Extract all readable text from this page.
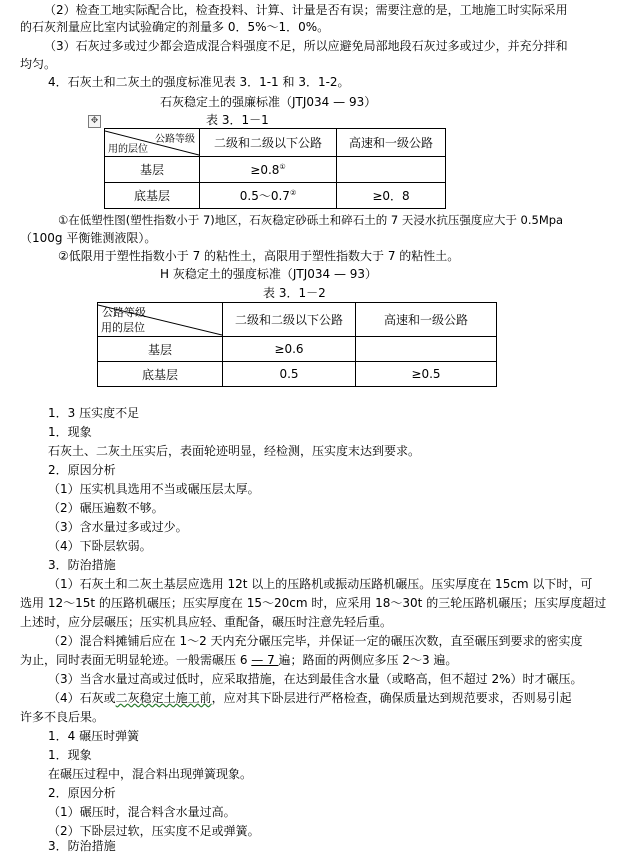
（2）检查工地实际配合比，检查投料、计算、计量是否有误；需要注意的是，工地施工时实际采用
的石灰剂量应比室内试验确定的剂量多 0．5%～1．0%。
（3）石灰过多或过少都会造成混合料强度不足，所以应避免局部地段石灰过多或过少，并充分拌和
均匀。
4．石灰土和二灰土的强度标准见表 3．1-1 和 3．1-2。
石灰稳定土的强廉标准（JTJ034 — 93）
表 3．1－1
✥
公路等级
用的层位	二级和二级以下公路	高速和一级公路
基层	≥0.8①	
底基层	0.5～0.7②	≥0．8
①在低塑性图(塑性指数小于 7)地区，石灰稳定砂砾土和碎石土的 7 天浸水抗压强度应大于 0.5Mpa
（100g 平衡锥测液限）。
②低限用于塑性指数小于 7 的粘性土，高限用于塑性指数大于 7 的粘性土。
H 灰稳定土的强度标准（JTJ034 — 93）
表 3．1－2
公路等级
用的层位	二级和二级以下公路	高速和一级公路
基层	≥0.6	
底基层	0.5	≥0.5
1．3 压实度不足
1．现象
石灰土、二灰土压实后，表面轮迹明显，经检测，压实度末达到要求。
2．原因分析
（1）压实机具选用不当或碾压层太厚。
（2）碾压遍数不够。
（3）含水量过多或过少。
（4）下卧层软弱。
3．防治措施
（1）石灰土和二灰土基层应选用 12t 以上的压路机或振动压路机碾压。压实厚度在 15cm 以下时，可
选用 12～15t 的压路机碾压；压实厚度在 15～20cm 时，应采用 18～30t 的三轮压路机碾压；压实厚度超过
上述时，应分层碾压；压实机具应轻、重配备，碾压时注意先轻后重。
（2）混合料摊铺后应在 1～2 天内充分碾压完毕，并保证一定的碾压次数，直至碾压到要求的密实度
为止，同时表面无明显轮迹。一般需碾压 6 — 7 遍；路面的两侧应多压 2～3 遍。
（3）当含水量过高或过低时，应采取措施，在达到最佳含水量（或略高，但不超过 2%）时才碾压。
（4）石灰或二灰稳定土施工前，应对其下卧层进行严格检查，确保质量达到规范要求，否则易引起
许多不良后果。
1．4 碾压时弹簧
1．现象
在碾压过程中，混合料出现弹簧现象。
2．原因分析
（1）碾压时，混合料含水量过高。
（2）下卧层过软，压实度不足或弹簧。
3．防治措施
